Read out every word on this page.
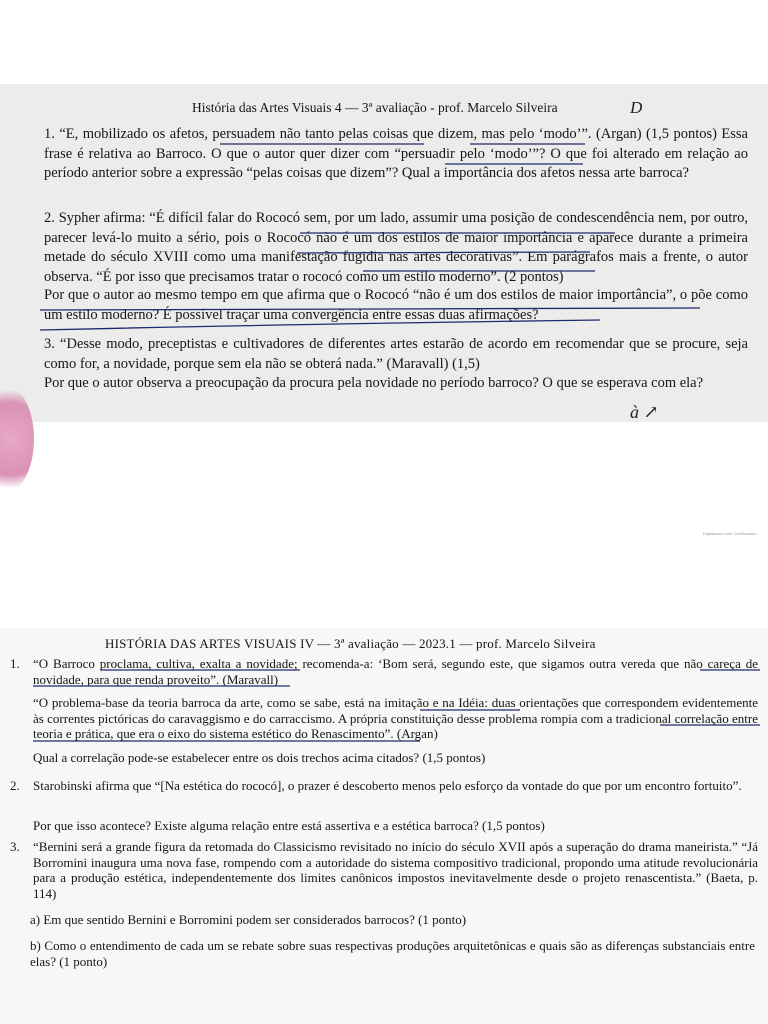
História das Artes Visuais 4 — 3ª avaliação - prof. Marcelo Silveira	D

1. “E, mobilizado os afetos, persuadem não tanto pelas coisas que dizem, mas pelo ‘modo’”. (Argan) (1,5 pontos) Essa frase é relativa ao Barroco. O que o autor quer dizer com “persuadir pelo ‘modo’”? O que foi alterado em relação ao período anterior sobre a expressão “pelas coisas que dizem”? Qual a importância dos afetos nessa arte barroca?

2. Sypher afirma: “É difícil falar do Rococó sem, por um lado, assumir uma posição de condescendência nem, por outro, parecer levá-lo muito a sério, pois o Rococó não é um dos estilos de maior importância e aparece durante a primeira metade do século XVIII como uma manifestação fugidia nas artes decorativas”. Em parágrafos mais a frente, o autor observa. “É por isso que precisamos tratar o rococó como um estilo moderno”. (2 pontos)

Por que o autor ao mesmo tempo em que afirma que o Rococó “não é um dos estilos de maior importância”, o põe como um estilo moderno? É possível traçar uma convergência entre essas duas afirmações?

3. “Desse modo, preceptistas e cultivadores de diferentes artes estarão de acordo em recomendar que se procure, seja como for, a novidade, porque sem ela não se obterá nada.” (Maravall) (1,5)

Por que o autor observa a preocupação da procura pela novidade no período barroco? O que se esperava com ela?

à ↗
Digitalizado com CamScanner
HISTÓRIA DAS ARTES VISUAIS IV — 3ª avaliação — 2023.1 — prof. Marcelo Silveira
1. “O Barroco proclama, cultiva, exalta a novidade; recomenda-a: ‘Bom será, segundo este, que sigamos outra vereda que não careça de novidade, para que renda proveito”. (Maravall)

“O problema-base da teoria barroca da arte, como se sabe, está na imitação e na Idéia: duas orientações que correspondem evidentemente às correntes pictóricas do caravaggismo e do carraccismo. A própria constituição desse problema rompia com a tradicional correlação entre teoria e prática, que era o eixo do sistema estético do Renascimento”. (Argan)

Qual a correlação pode-se estabelecer entre os dois trechos acima citados? (1,5 pontos)

2. Starobinski afirma que “[Na estética do rococó], o prazer é descoberto menos pelo esforço da vontade do que por um encontro fortuito”.

Por que isso acontece? Existe alguma relação entre está assertiva e a estética barroca? (1,5 pontos)

3. “Bernini será a grande figura da retomada do Classicismo revisitado no início do século XVII após a superação do drama maneirista.” “Já Borromini inaugura uma nova fase, rompendo com a autoridade do sistema compositivo tradicional, propondo uma atitude revolucionária para a produção estética, independentemente dos limites canônicos impostos inevitavelmente desde o projeto renascentista.” (Baeta, p. 114)

a) Em que sentido Bernini e Borromini podem ser considerados barrocos? (1 ponto)

b) Como o entendimento de cada um se rebate sobre suas respectivas produções arquitetônicas e quais são as diferenças substanciais entre elas? (1 ponto)
